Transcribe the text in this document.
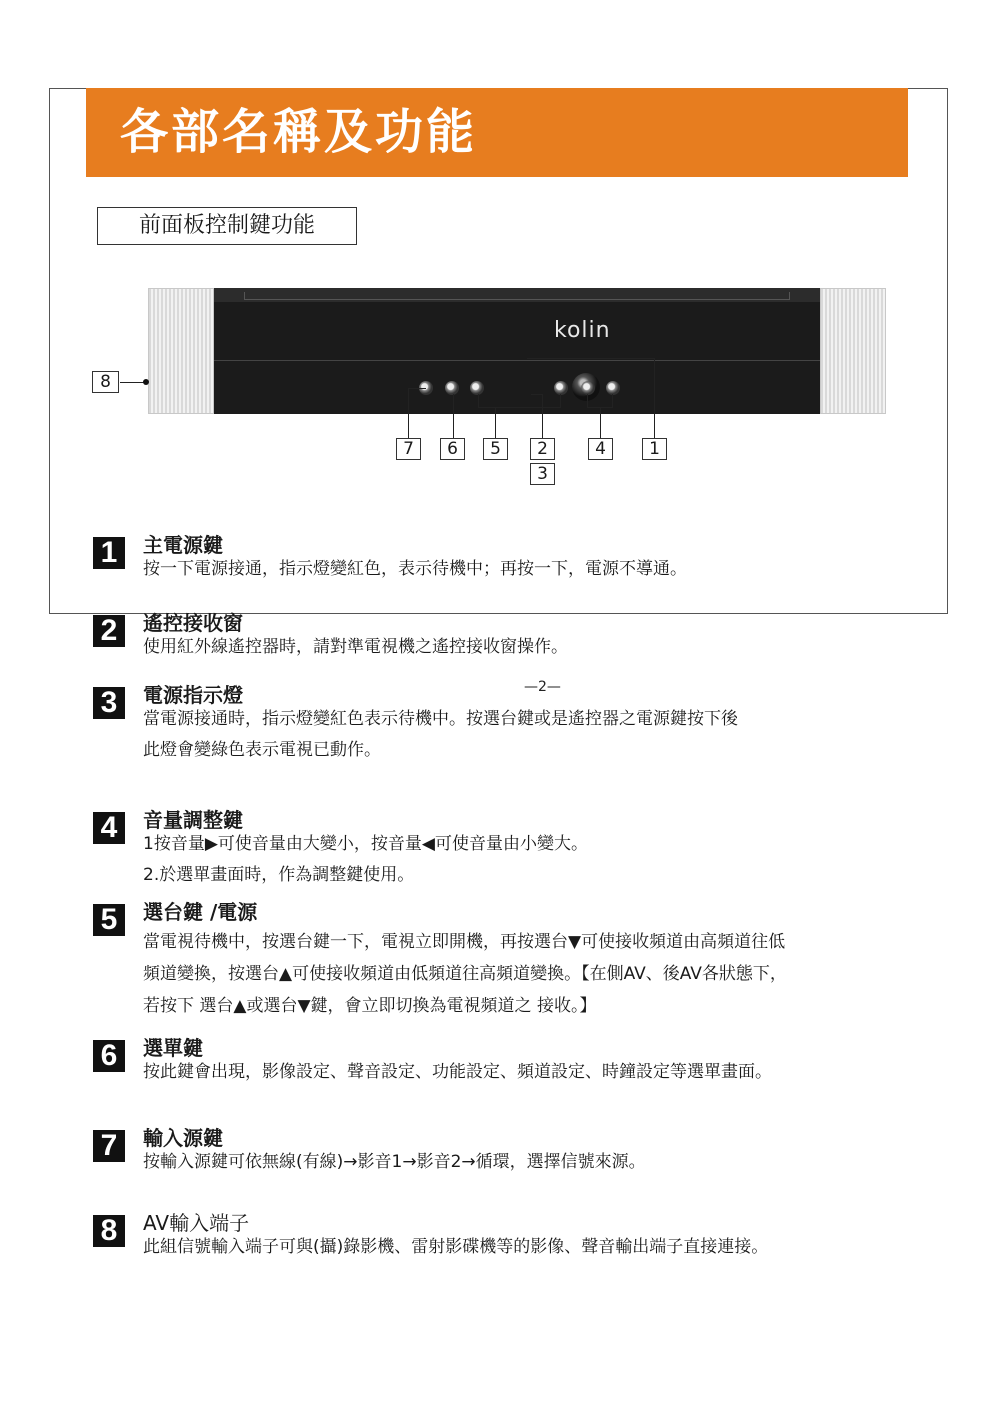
—2—
各部名稱及功能
前面板控制鍵功能
kolin
8
7	6	5	2
3
4	1
1	主電源鍵
按一下電源接通，指示燈變紅色，表示待機中；再按一下，電源不導通。
2	遙控接收窗
使用紅外線遙控器時，請對準電視機之遙控接收窗操作。
3	電源指示燈
當電源接通時，指示燈變紅色表示待機中。按選台鍵或是遙控器之電源鍵按下後
此燈會變綠色表示電視已動作。
4	音量調整鍵
1按音量▶可使音量由大變小，按音量◀可使音量由小變大。
2.於選單畫面時，作為調整鍵使用。
5	選台鍵 /電源
當電視待機中，按選台鍵一下，電視立即開機，再按選台▼可使接收頻道由高頻道往低
頻道變換，按選台▲可使接收頻道由低頻道往高頻道變換。【在側AV、後AV各狀態下，
若按下 選台▲或選台▼鍵，會立即切換為電視頻道之 接收。】
6	選單鍵
按此鍵會出現，影像設定、聲音設定、功能設定、頻道設定、時鐘設定等選單畫面。
7	輸入源鍵
按輸入源鍵可依無線(有線)→影音1→影音2→循環，選擇信號來源。
8	AV輸入端子
此組信號輸入端子可與(攝)錄影機、雷射影碟機等的影像、聲音輸出端子直接連接。
